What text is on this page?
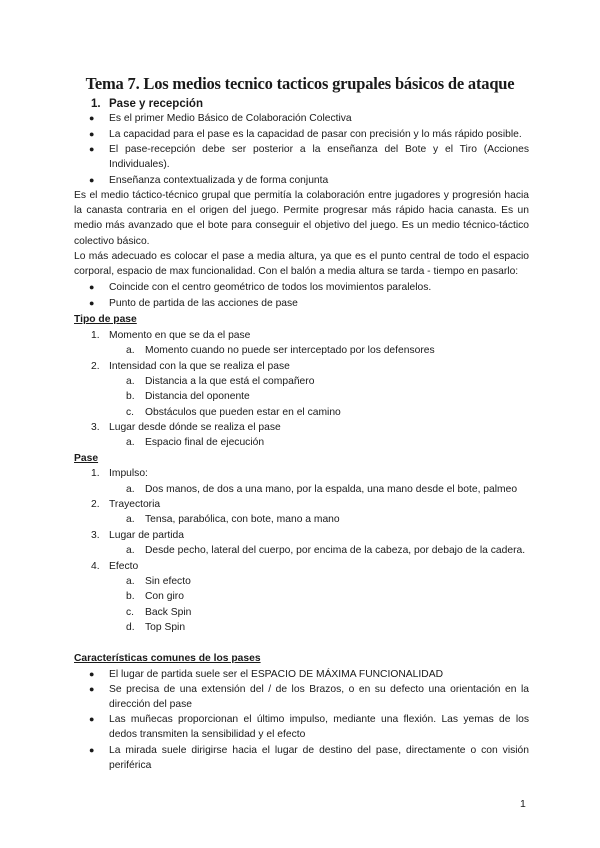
Tema 7. Los medios tecnico tacticos grupales básicos de ataque
1. Pase y recepción
● Es el primer Medio Básico de Colaboración Colectiva
● La capacidad para el pase es la capacidad de pasar con precisión y lo más rápido posible.
● El pase-recepción debe ser posterior a la enseñanza del Bote y el Tiro (Acciones Individuales).
● Enseñanza contextualizada y de forma conjunta
Es el medio táctico-técnico grupal que permitía la colaboración entre jugadores y progresión hacia la canasta contraria en el origen del juego. Permite progresar más rápido hacia canasta. Es un medio más avanzado que el bote para conseguir el objetivo del juego. Es un medio técnico-táctico colectivo básico.
Lo más adecuado es colocar el pase a media altura, ya que es el punto central de todo el espacio corporal, espacio de max funcionalidad. Con el balón a media altura se tarda - tiempo en pasarlo:
● Coincide con el centro geométrico de todos los movimientos paralelos.
● Punto de partida de las acciones de pase
Tipo de pase
1. Momento en que se da el pase
a. Momento cuando no puede ser interceptado por los defensores
2. Intensidad con la que se realiza el pase
a. Distancia a la que está el compañero
b. Distancia del oponente
c. Obstáculos que pueden estar en el camino
3. Lugar desde dónde se realiza el pase
a. Espacio final de ejecución
Pase
1. Impulso:
a. Dos manos, de dos a una mano, por la espalda, una mano desde el bote, palmeo
2. Trayectoria
a. Tensa, parabólica, con bote, mano a mano
3. Lugar de partida
a. Desde pecho, lateral del cuerpo, por encima de la cabeza, por debajo de la cadera.
4. Efecto
a. Sin efecto
b. Con giro
c. Back Spin
d. Top Spin
Características comunes de los pases
● El lugar de partida suele ser el ESPACIO DE MÁXIMA FUNCIONALIDAD
● Se precisa de una extensión del / de los Brazos, o en su defecto una orientación en la dirección del pase
● Las muñecas proporcionan el último impulso, mediante una flexión. Las yemas de los dedos transmiten la sensibilidad y el efecto
● La mirada suele dirigirse hacia el lugar de destino del pase, directamente o con visión periférica
1
